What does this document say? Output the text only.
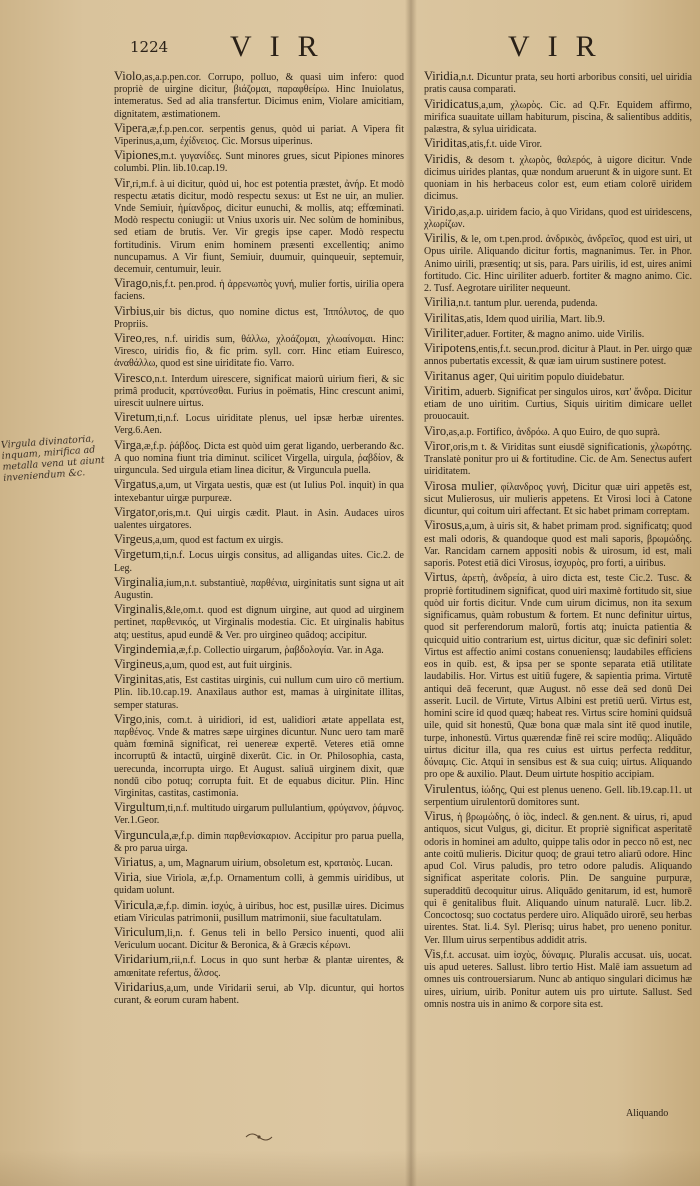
1224 VIR	VIR
Virgula divinatoria, inquam, mirifica ad metalla vena ut aiunt inveniendum &c.

Violo,as,a.p.pen.cor. Corrupo, polluo, & quasi uim infero: quod propriè de uirgine dicitur, βιάζομαι, παραφθείρω. Hinc Inuiolatus, intemeratus. Sed ad alia transfertur. Dicimus enim, Violare amicitiam, dignitatem, æstimationem.

Vipera,æ,f.p.pen.cor. serpentis genus, quòd ui pariat. A Vipera fit Viperinus,a,um, ἐχίδνειος. Cic. Morsus uiperinus.

Vipiones,m.t. γυγανίδες. Sunt minores grues, sicut Pipiones minores columbi. Plin. lib.10.cap.19.

Vir,ri,m.f. à ui dicitur, quòd ui, hoc est potentia præstet, ἀνήρ. Et modò respectu ætatis dicitur, modò respectu sexus: ut Est ne uir, an mulier. Vnde Semiuir, ἡμίανδρος, dicitur eunuchi, & mollis, atq; effœminati. Modò respectu coniugii: ut Vnius uxoris uir. Nec solùm de hominibus, sed etiam de brutis. Ver. Vir gregis ipse caper. Modò respectu fortitudinis. Virum enim hominem præsenti excellentiq; animo nuncupamus. A Vir fiunt, Semiuir, duumuir, quinqueuir, septemuir, decemuir, centumuir, leuir.

Virago,nis,f.t. pen.prod. ἡ ἀρρενωπὸς γυνή, mulier fortis, uirilia opera faciens.

Virbius,uir bis dictus, quo nomine dictus est, Ἱππόλυτος, de quo Propriis.

Vireo,res, n.f. uiridis sum, θάλλω, χλοάζομαι, χλωαίνομαι. Hinc: Viresco, uiridis fio, & fic prim. syll. corr. Hinc etiam Euiresco, ἀναθάλλω, quod est sine uiriditate fio. Varro.

Viresco,n.t. Interdum uirescere, significat maiorû uirium fieri, & sic primâ producit, κρατύνεσθαι. Furius in poëmatis, Hinc crescunt animi, uirescit uulnere uirtus.

Viretum,ti,n.f. Locus uiriditate plenus, uel ipsæ herbæ uirentes. Verg.6.Aen.

Virga,æ,f.p. ῥάβδος. Dicta est quòd uim gerat ligando, uerberando &c. A quo nomina fiunt tria diminut. scilicet Virgella, uirgula, ῥαβδίον, & uirguncula. Sed uirgula etiam linea dicitur, & Virguncula puella.

Virgatus,a,um, ut Virgata uestis, quæ est (ut Iulius Pol. inquit) in qua intexebantur uirgæ purpureæ.

Virgator,oris,m.t. Qui uirgis cædit. Plaut. in Asin. Audaces uiros ualentes uirgatores.

Virgeus,a,um, quod est factum ex uirgis.

Virgetum,ti,n.f. Locus uirgis consitus, ad alligandas uites. Cic.2. de Leg.

Virginalia,ium,n.t. substantiuè, παρθένια, uirginitatis sunt signa ut ait Augustin.

Virginalis,&le,om.t. quod est dignum uirgine, aut quod ad uirginem pertinet, παρθενικός, ut Virginalis modestia. Cic. Et uirginalis habitus atq; uestitus, apud eundē & Ver. pro uirgineo quâdoq; accipitur.

Virgindemia,æ,f.p. Collectio uirgarum, ῥαβδολογία. Var. in Aga.

Virgineus,a,um, quod est, aut fuit uirginis.

Virginitas,atis, Est castitas uirginis, cui nullum cum uiro cō mertium. Plin. lib.10.cap.19. Anaxilaus author est, mamas à uirginitate illitas, semper staturas.

Virgo,inis, com.t. à uiridiori, id est, ualidiori ætate appellata est, παρθένος. Vnde & matres sæpe uirgines dicuntur. Nunc uero tam marē quàm fœminā significat, rei uenereæ expertē. Veteres etiā omne incorruptū & intactū, uirginē dixerūt. Cic. in Or. Philosophia, casta, uerecunda, incorrupta uirgo. Et August. saliuā uirginem dixit, quæ nondū cibo potuq; corrupta fuit. Et de equabus dicitur. Plin. Hinc Virginitas, castitas, castimonia.

Virgultum,ti,n.f. multitudo uirgarum pullulantium, φρύγανον, ῥάμνος. Ver.1.Geor.

Virguncula,æ,f.p. dimin παρθενίσκαριον. Accipitur pro parua puella, & pro parua uirga.

Viriatus, a, um, Magnarum uirium, obsoletum est, κραταιὸς. Lucan.

Viria, siue Viriola, æ,f.p. Ornamentum colli, à gemmis uiridibus, ut quidam uolunt.

Viricula,æ,f.p. dimin. ἰσχύς, à uiribus, hoc est, pusillæ uires. Dicimus etiam Viriculas patrimonii, pusillum matrimonii, siue facultatulam.

Viriculum,li,n. f. Genus teli in bello Persico inuenti, quod alii Vericulum uocant. Dicitur & Beronica, & à Græcis κέρωνι.

Viridarium,rii,n.f. Locus in quo sunt herbæ & plantæ uirentes, & amœnitate refertus, ἄλσος.

Viridarius,a,um, unde Viridarii serui, ab Vlp. dicuntur, qui hortos curant, & eorum curam habent.

Viridia,n.t. Dicuntur prata, seu horti arboribus consiti, uel uiridia pratis causa comparati.

Viridicatus,a,um, χλωρὸς. Cic. ad Q.Fr. Equidem affirmo, mirifica suauitate uillam habiturum, piscina, & salientibus additis, palæstra, & sylua uiridicata.

Viriditas,atis,f.t. uide Viror.

Viridis, & desom t. χλωρὸς, θαλερός, à uigore dicitur. Vnde dicimus uirides plantas, quæ nondum aruerunt & in uigore sunt. Et quoniam in his herbaceus color est, eum etiam colorē uiridem dicimus.

Virido,as,a.p. uiridem facio, à quo Viridans, quod est uiridescens, χλωρίζων.

Virilis, & le, om t.pen.prod. ἀνδρικὸς, ἀνδρεῖος, quod est uiri, ut Opus uirile. Aliquando dicitur fortis, magnanimus. Ter. in Phor. Animo uirili, præsentiq; ut sis, para. Pars uirilis, id est, uires animi fortitudo. Cic. Hinc uiriliter aduerb. fortiter & magno animo. Cic. 2. Tusf. Aegrotare uiriliter nequeunt.

Virilia,n.t. tantum plur. uerenda, pudenda.

Virilitas,atis, Idem quod uirilia, Mart. lib.9.

Viriliter,aduer. Fortiter, & magno animo. uide Virilis.

Viripotens,entis,f.t. secun.prod. dicitur à Plaut. in Per. uirgo quæ annos pubertatis excessit, & quæ iam uirum sustinere potest.

Viritanus ager, Qui uiritim populo diuidebatur.

Viritim, aduerb. Significat per singulos uiros, κατ' ἄνδρα. Dicitur etiam de uno uiritim. Curtius, Siquis uiritim dimicare uellet prouocauit.

Viro,as,a.p. Fortifico, ἀνδρόω. A quo Euiro, de quo suprà.

Viror,oris,m t. & Viriditas sunt eiusdē significationis, χλωρότης. Translatè ponitur pro ui & fortitudine. Cic. de Am. Senectus aufert uiriditatem.

Virosa mulier, φίλανδρος γυνή, Dicitur quæ uiri appetēs est, sicut Mulierosus, uir mulieris appetens. Et Virosi loci à Catone dicuntur, qui coitum uiri affectant. Et sic habet primam correptam.

Virosus,a,um, à uiris sit, & habet primam prod. significatq; quod est mali odoris, & quandoque quod est mali saporis, βρωμώδης. Var. Rancidam carnem appositi nobis & uirosum, id est, mali saporis. Potest etiā dici Virosus, ἰσχυρὸς, pro forti, a uiribus.

Virtus, ἀρετὴ, ἀνδρεία, à uiro dicta est, teste Cic.2. Tusc. & propriè fortitudinem significat, quod uiri maximè fortitudo sit, siue quòd uir fortis dicitur. Vnde cum uirum dicimus, non ita sexum significamus, quàm robustum & fortem. Et nunc definitur uirtus, quod sit perferendorum malorū, fortis atq; inuicta patientia & quicquid uitio contrarium est, uirtus dicitur, quæ sic definiri solet: Virtus est affectio animi costans conueniensq; laudabiles efficiens eos in quib. est, & ipsa per se sponte separata etiā utilitate laudabilis. Hor. Virtus est uitiū fugere, & sapientia prima. Virtutē antiqui deā fecerunt, quæ August. nō esse deā sed donū Dei asserit. Lucil. de Virtute, Virtus Albini est pretiū uerū. Virtus est, homini scire id quod quæq; habeat res. Virtus scire homini quidsuâ uile, quid sit honestū, Quæ bona quæ mala sint itē quod inutile, turpe, inhonestū. Virtus quærendæ finē rei scire modūq;. Aliquādo uirtus dicitur illa, qua res cuius est uirtus perfecta redditur, δύναμις. Cic. Atqui in sensibus est & sua cuiq; uirtus. Aliquando pro ope & auxilio. Plaut. Deum uirtute hospitio accipiam.

Virulentus, ἰώδης, Qui est plenus ueneno. Gell. lib.19.cap.11. ut serpentium uirulentorū domitores sunt.

Virus, ἡ βρωμώδης, ὁ ἰὸς, indecl. & gen.nent. & uirus, ri, apud antiquos, sicut Vulgus, gi, dicitur. Et propriè significat asperitatē odoris in hominei am adulto, quippe talis odor in pecco nō est, nec ante coitū mulieris. Dicitur quoq; de graui tetro aliarū odore. Hinc apud Col. Virus paludis, pro tetro odore paludis. Aliquando significat asperitate coloris. Plin. De sanguine purpuræ, superadditū decoquitur uirus. Aliquādo genitarum, id est, humorē qui ē genitalibus fluit. Aliquando uinum naturalē. Lucr. lib.2. Concoctosq; suo coctatus perdere uiro. Aliquādo uirorē, seu herbas uirentes. Stat. li.4. Syl. Plerisq; uirus habet, pro ueneno ponitur. Ver. Illum uirus serpentibus addidit atris.

Vis,f.t. accusat. uim ἰσχὺς, δύναμις. Pluralis accusat. uis, uocat. uis apud ueteres. Sallust. libro tertio Hist. Malē iam assuetum ad omnes uis controuersiarum. Nunc ab antiquo singulari dicimus hæ uires, uirium, uirib. Ponitur autem uis pro uirtute. Sallust. Sed omnis nostra uis in animo & corpore sita est.

Aliquando
